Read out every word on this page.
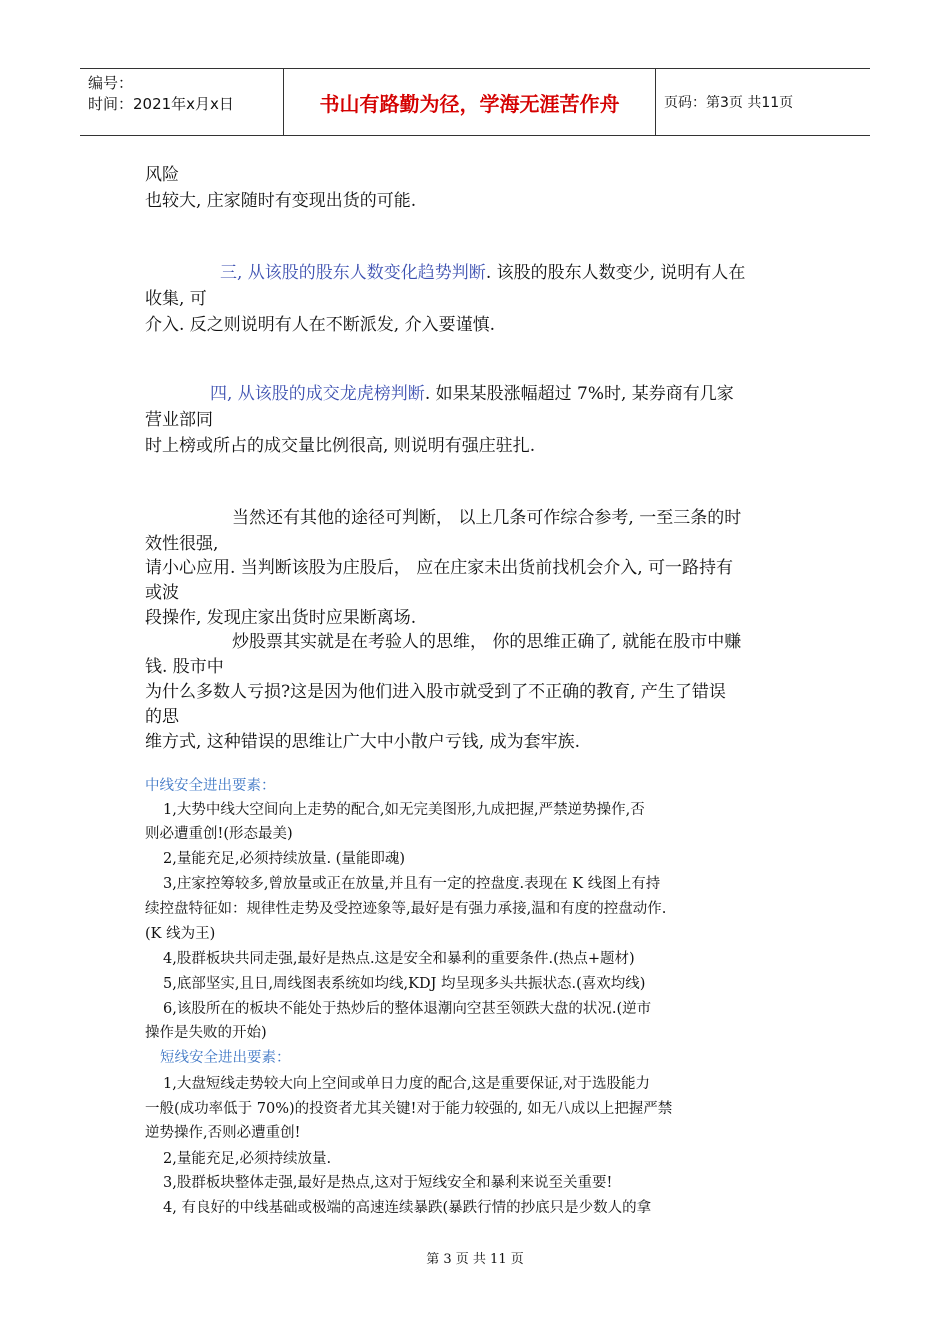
编号：
时间：2021年x月x日	书山有路勤为径，学海无涯苦作舟	页码：第3页 共11页
风险
也较大, 庄家随时有变现出货的可能.
三, 从该股的股东人数变化趋势判断. 该股的股东人数变少, 说明有人在
收集, 可
介入. 反之则说明有人在不断派发, 介入要谨慎.
四, 从该股的成交龙虎榜判断. 如果某股涨幅超过 7%时, 某券商有几家
营业部同
时上榜或所占的成交量比例很高, 则说明有强庄驻扎.
当然还有其他的途径可判断， 以上几条可作综合参考, 一至三条的时
效性很强,
请小心应用. 当判断该股为庄股后， 应在庄家未出货前找机会介入, 可一路持有
或波
段操作, 发现庄家出货时应果断离场.
炒股票其实就是在考验人的思维， 你的思维正确了, 就能在股市中赚
钱. 股市中
为什么多数人亏损?这是因为他们进入股市就受到了不正确的教育, 产生了错误
的思
维方式, 这种错误的思维让广大中小散户亏钱, 成为套牢族.
中线安全进出要素：
1,大势中线大空间向上走势的配合,如无完美图形,九成把握,严禁逆势操作,否
则必遭重创!(形态最美)
2,量能充足,必须持续放量. (量能即魂)
3,庄家控筹较多,曾放量或正在放量,并且有一定的控盘度.表现在 K 线图上有持
续控盘特征如：规律性走势及受控迹象等,最好是有强力承接,温和有度的控盘动作.
(K 线为王)
4,股群板块共同走强,最好是热点.这是安全和暴利的重要条件.(热点+题材)
5,底部坚实,且日,周线图表系统如均线,KDJ 均呈现多头共振状态.(喜欢均线)
6,该股所在的板块不能处于热炒后的整体退潮向空甚至领跌大盘的状况.(逆市
操作是失败的开始)
短线安全进出要素：
1,大盘短线走势较大向上空间或单日力度的配合,这是重要保证,对于选股能力
一般(成功率低于 70%)的投资者尤其关键!对于能力较强的, 如无八成以上把握严禁
逆势操作,否则必遭重创!
2,量能充足,必须持续放量.
3,股群板块整体走强,最好是热点,这对于短线安全和暴利来说至关重要!
4, 有良好的中线基础或极端的高速连续暴跌(暴跌行情的抄底只是少数人的拿
第 3 页 共 11 页
